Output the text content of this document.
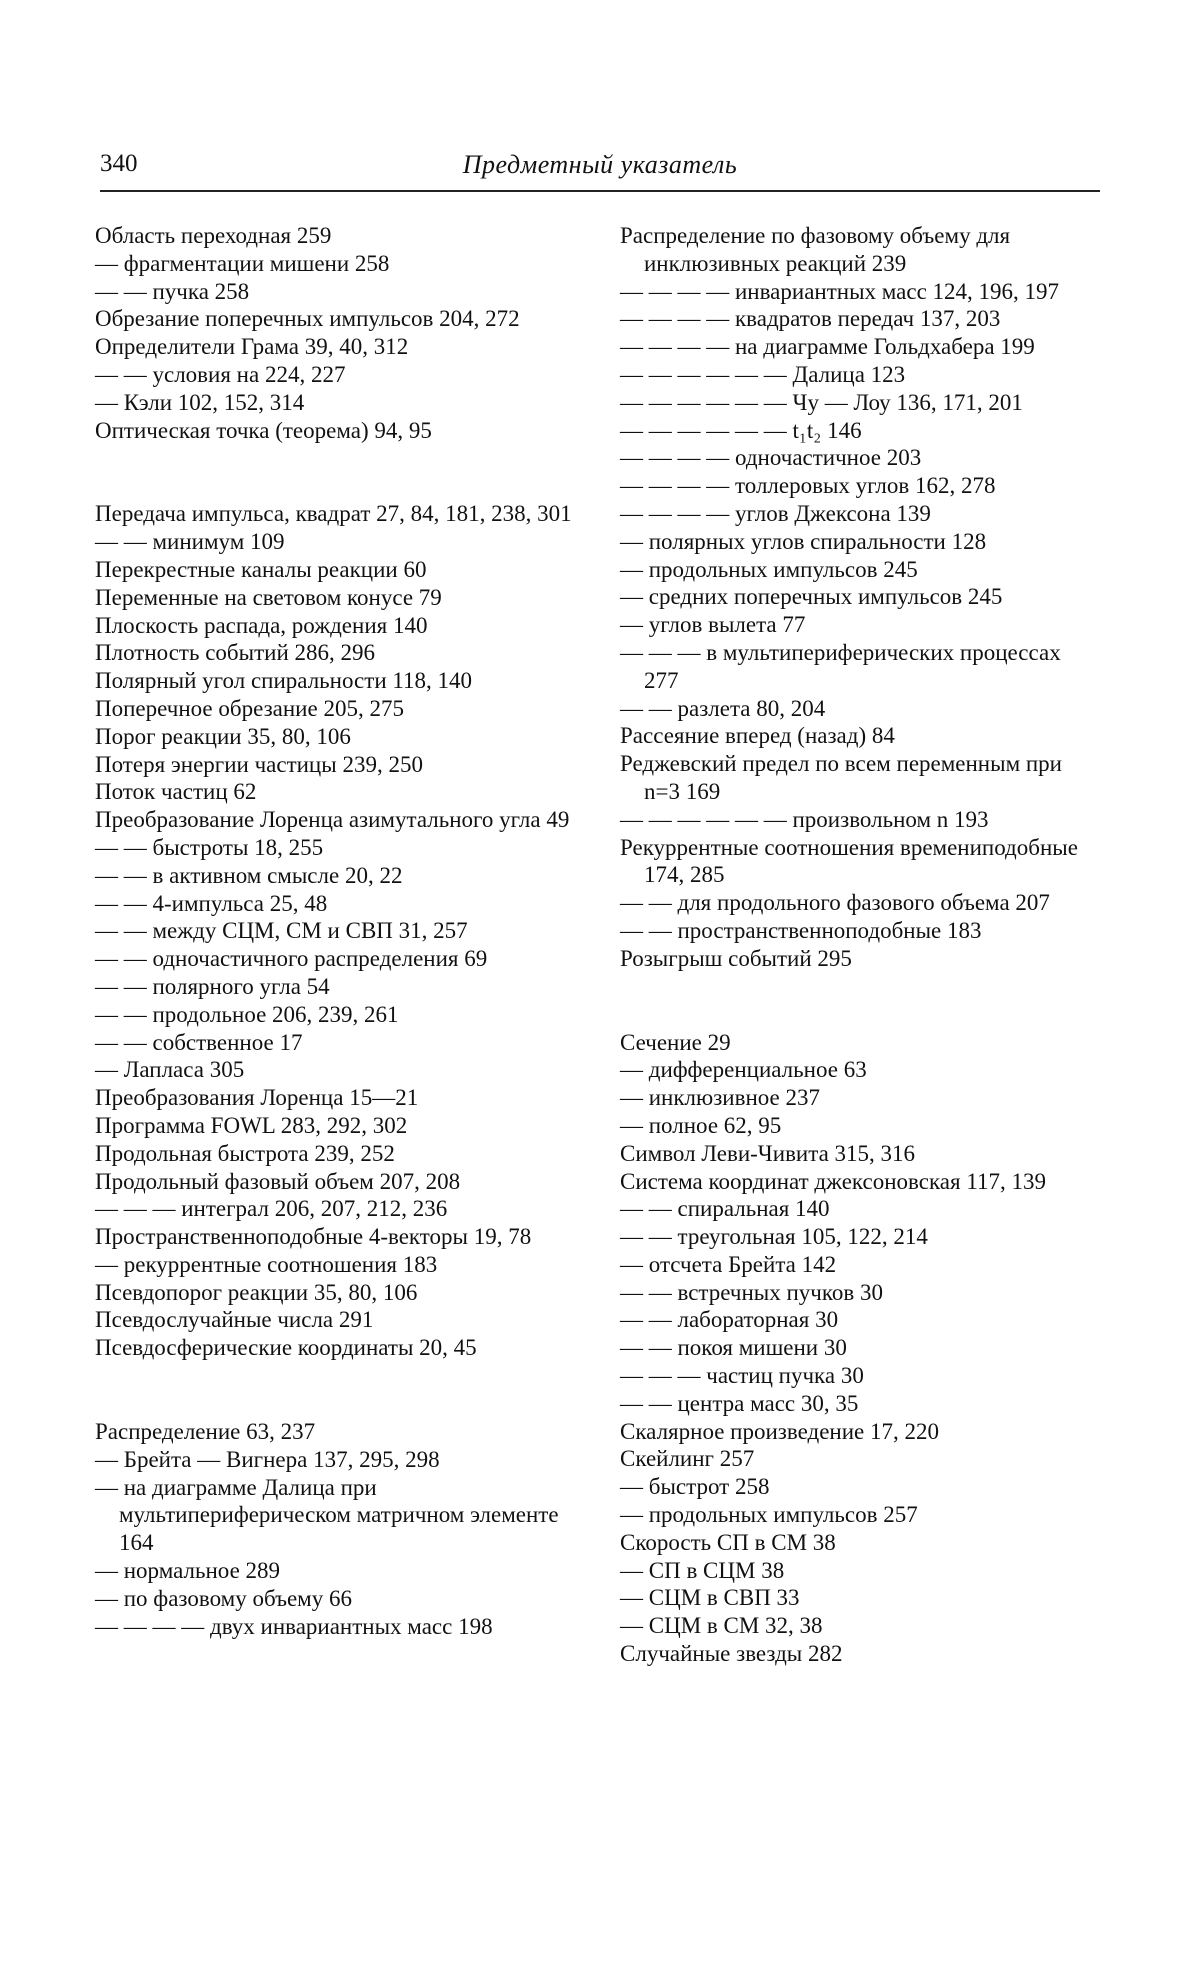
Предметный указатель
340
Область переходная 259
— фрагментации мишени 258
— — пучка 258
Обрезание поперечных импульсов 204, 272
Определители Грама 39, 40, 312
— — условия на 224, 227
— Кэли 102, 152, 314
Оптическая точка (теорема) 94, 95
Передача импульса, квадрат 27, 84, 181, 238, 301
— — минимум 109
Перекрестные каналы реакции 60
Переменные на световом конусе 79
Плоскость распада, рождения 140
Плотность событий 286, 296
Полярный угол спиральности 118, 140
Поперечное обрезание 205, 275
Порог реакции 35, 80, 106
Потеря энергии частицы 239, 250
Поток частиц 62
Преобразование Лоренца азимутального угла 49
— — быстроты 18, 255
— — в активном смысле 20, 22
— — 4-импульса 25, 48
— — между СЦМ, СМ и СВП 31, 257
— — одночастичного распределения 69
— — полярного угла 54
— — продольное 206, 239, 261
— — собственное 17
— Лапласа 305
Преобразования Лоренца 15—21
Программа FOWL 283, 292, 302
Продольная быстрота 239, 252
Продольный фазовый объем 207, 208
— — — интеграл 206, 207, 212, 236
Пространственноподобные 4-векторы 19, 78
— рекуррентные соотношения 183
Псевдопорог реакции 35, 80, 106
Псевдослучайные числа 291
Псевдосферические координаты 20, 45
Распределение 63, 237
— Брейта — Вигнера 137, 295, 298
— на диаграмме Далица при мультипериферическом матричном элементе 164
— нормальное 289
— по фазовому объему 66
— — — — двух инвариантных масс 198
Распределение по фазовому объему для инклюзивных реакций 239
— — — — инвариантных масс 124, 196, 197
— — — — квадратов передач 137, 203
— — — — на диаграмме Гольдхабера 199
— — — — — — Далица 123
— — — — — — Чу — Лоу 136, 171, 201
— — — — — — t₁t₂ 146
— — — — одночастичное 203
— — — — толлеровых углов 162, 278
— — — — углов Джексона 139
— полярных углов спиральности 128
— продольных импульсов 245
— средних поперечных импульсов 245
— углов вылета 77
— — — в мультипериферических процессах 277
— — разлета 80, 204
Рассеяние вперед (назад) 84
Реджевский предел по всем переменным при n=3 169
— — — — — — произвольном n 193
Рекуррентные соотношения времениподобные 174, 285
— — для продольного фазового объема 207
— — пространственноподобные 183
Розыгрыш событий 295
Сечение 29
— дифференциальное 63
— инклюзивное 237
— полное 62, 95
Символ Леви-Чивита 315, 316
Система координат джексоновская 117, 139
— — спиральная 140
— — треугольная 105, 122, 214
— отсчета Брейта 142
— — встречных пучков 30
— — лабораторная 30
— — покоя мишени 30
— — — частиц пучка 30
— — центра масс 30, 35
Скалярное произведение 17, 220
Скейлинг 257
— быстрот 258
— продольных импульсов 257
Скорость СП в СМ 38
— СП в СЦМ 38
— СЦМ в СВП 33
— СЦМ в СМ 32, 38
Случайные звезды 282
